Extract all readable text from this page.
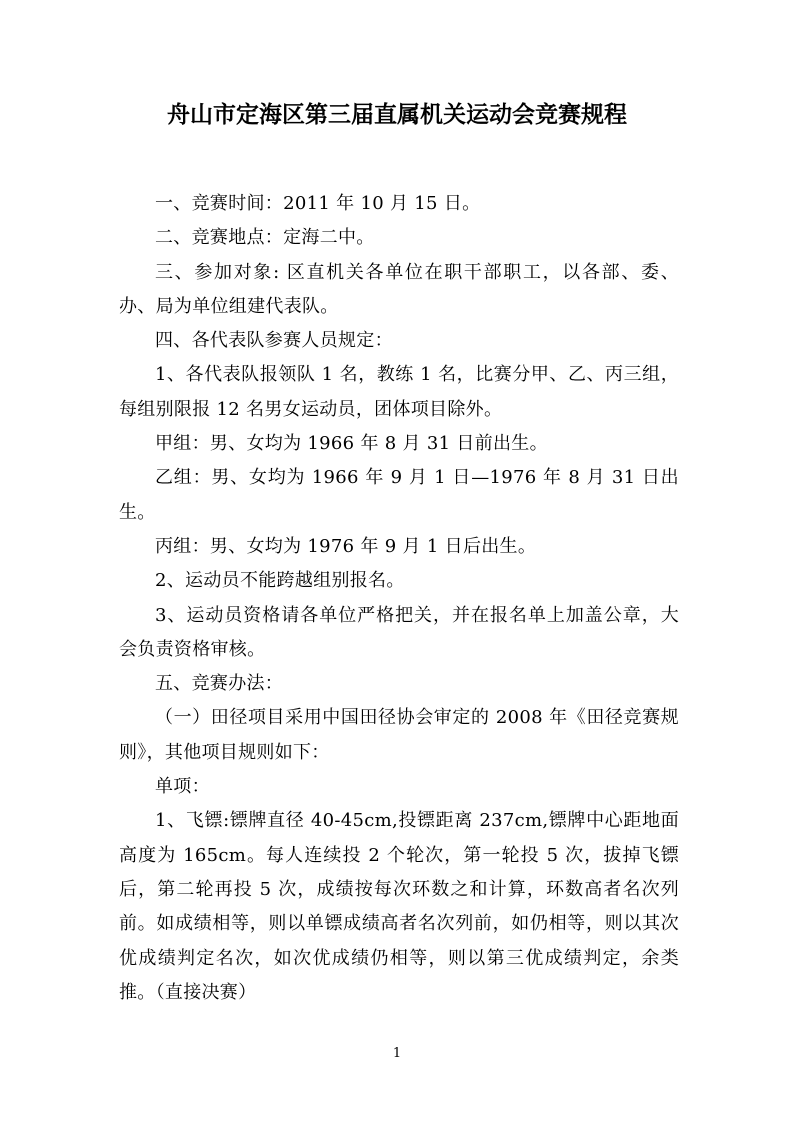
舟山市定海区第三届直属机关运动会竞赛规程

一、竞赛时间：2011 年 10 月 15 日。

二、竞赛地点：定海二中。

三、参加对象: 区直机关各单位在职干部职工，以各部、委、办、局为单位组建代表队。

四、各代表队参赛人员规定：

1、各代表队报领队 1 名，教练 1 名，比赛分甲、乙、丙三组，每组别限报 12 名男女运动员，团体项目除外。

甲组：男、女均为 1966 年 8 月 31 日前出生。

乙组：男、女均为 1966 年 9 月 1 日—1976 年 8 月 31 日出生。

丙组：男、女均为 1976 年 9 月 1 日后出生。

2、运动员不能跨越组别报名。

3、运动员资格请各单位严格把关，并在报名单上加盖公章，大会负责资格审核。

五、竞赛办法：

（一）田径项目采用中国田径协会审定的 2008 年《田径竞赛规则》，其他项目规则如下：

单项：

1、飞镖:镖牌直径 40-45cm,投镖距离 237cm,镖牌中心距地面高度为 165cm。每人连续投 2 个轮次，第一轮投 5 次，拔掉飞镖后，第二轮再投 5 次，成绩按每次环数之和计算，环数高者名次列前。如成绩相等，则以单镖成绩高者名次列前，如仍相等，则以其次优成绩判定名次，如次优成绩仍相等，则以第三优成绩判定，余类推。（直接决赛）

1
